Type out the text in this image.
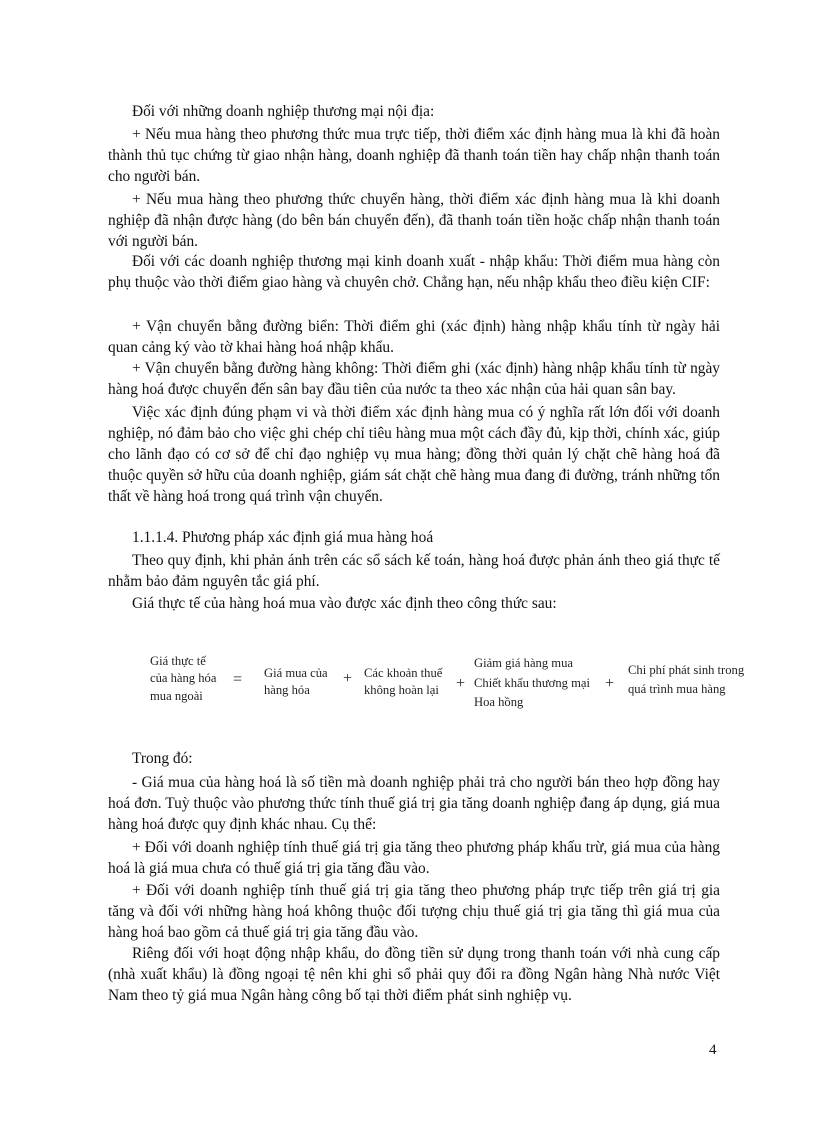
Đối với những doanh nghiệp thương mại nội địa:

+ Nếu mua hàng theo phương thức mua trực tiếp, thời điểm xác định hàng mua là khi đã hoàn thành thủ tục chứng từ giao nhận hàng, doanh nghiệp đã thanh toán tiền hay chấp nhận thanh toán cho người bán.

+ Nếu mua hàng theo phương thức chuyển hàng, thời điểm xác định hàng mua là khi doanh nghiệp đã nhận được hàng (do bên bán chuyển đến), đã thanh toán tiền hoặc chấp nhận thanh toán với người bán.

Đối với các doanh nghiệp thương mại kinh doanh xuất - nhập khẩu: Thời điểm mua hàng còn phụ thuộc vào thời điểm giao hàng và chuyên chở. Chẳng hạn, nếu nhập khẩu theo điều kiện CIF:

+ Vận chuyển bằng đường biển: Thời điểm ghi (xác định) hàng nhập khẩu tính từ ngày hải quan cảng ký vào tờ khai hàng hoá nhập khẩu.

+ Vận chuyển bằng đường hàng không: Thời điểm ghi (xác định) hàng nhập khẩu tính từ ngày hàng hoá được chuyển đến sân bay đầu tiên của nước ta theo xác nhận của hải quan sân bay.

Việc xác định đúng phạm vi và thời điểm xác định hàng mua có ý nghĩa rất lớn đối với doanh nghiệp, nó đảm bảo cho việc ghi chép chỉ tiêu hàng mua một cách đầy đủ, kịp thời, chính xác, giúp cho lãnh đạo có cơ sở để chỉ đạo nghiệp vụ mua hàng; đồng thời quản lý chặt chẽ hàng hoá đã thuộc quyền sở hữu của doanh nghiệp, giám sát chặt chẽ hàng mua đang đi đường, tránh những tổn thất về hàng hoá trong quá trình vận chuyển.

1.1.1.4. Phương pháp xác định giá mua hàng hoá

Theo quy định, khi phản ánh trên các sổ sách kế toán, hàng hoá được phản ánh theo giá thực tế nhằm bảo đảm nguyên tắc giá phí.

Giá thực tế của hàng hoá mua vào được xác định theo công thức sau:

Giá thực tế
của hàng hóa
mua ngoài
= Giá mua của
hàng hóa
+ Các khoản thuế
không hoàn lại +
Giảm giá hàng mua
Chiết khấu thương mại
Hoa hồng
+
Chi phí phát sinh trong
quá trình mua hàng

Trong đó:

- Giá mua của hàng hoá là số tiền mà doanh nghiệp phải trả cho người bán theo hợp đồng hay hoá đơn. Tuỳ thuộc vào phương thức tính thuế giá trị gia tăng doanh nghiệp đang áp dụng, giá mua hàng hoá được quy định khác nhau. Cụ thể:

+ Đối với doanh nghiệp tính thuế giá trị gia tăng theo phương pháp khấu trừ, giá mua của hàng hoá là giá mua chưa có thuế giá trị gia tăng đầu vào.

+ Đối với doanh nghiệp tính thuế giá trị gia tăng theo phương pháp trực tiếp trên giá trị gia tăng và đối với những hàng hoá không thuộc đối tượng chịu thuế giá trị gia tăng thì giá mua của hàng hoá bao gồm cả thuế giá trị gia tăng đầu vào.

Riêng đối với hoạt động nhập khẩu, do đồng tiền sử dụng trong thanh toán với nhà cung cấp (nhà xuất khẩu) là đồng ngoại tệ nên khi ghi sổ phải quy đổi ra đồng Ngân hàng Nhà nước Việt Nam theo tỷ giá mua Ngân hàng công bố tại thời điểm phát sinh nghiệp vụ.

4
